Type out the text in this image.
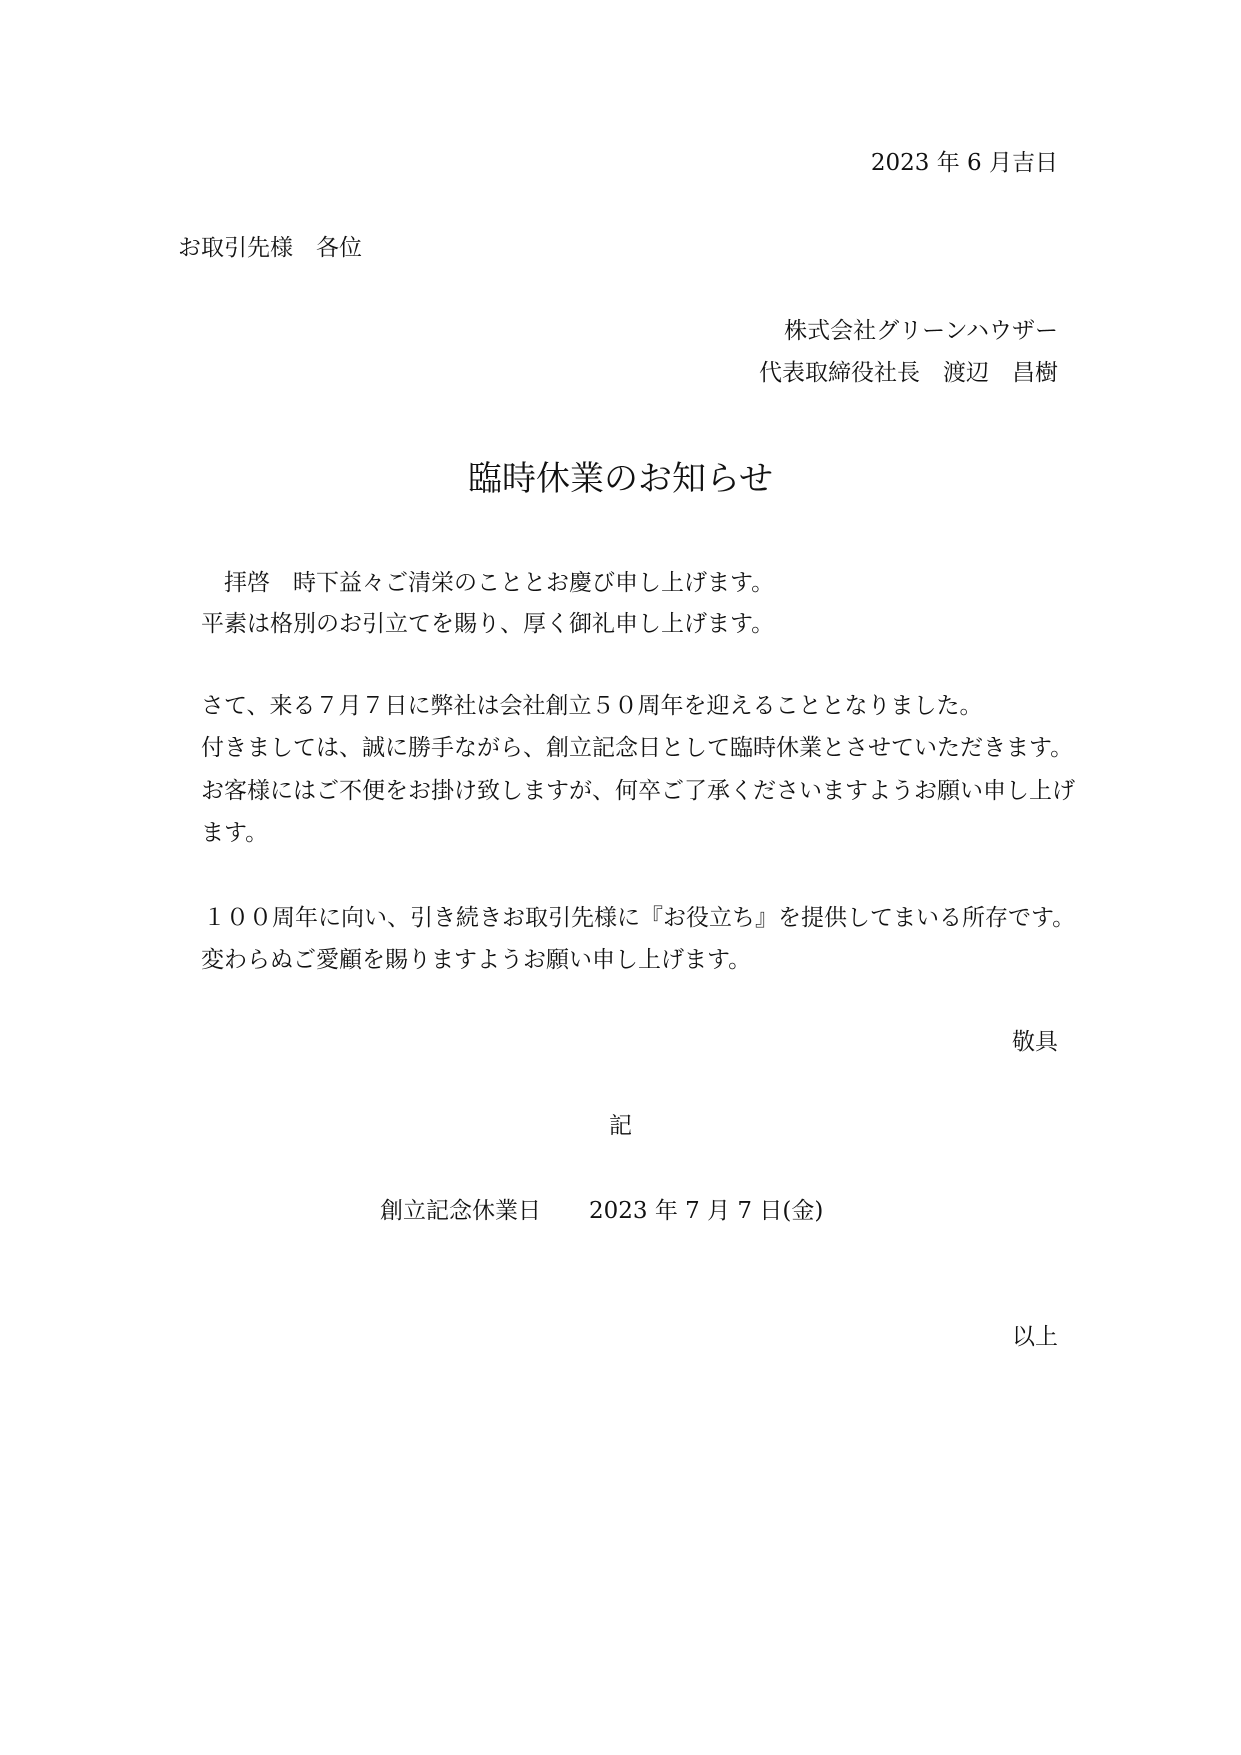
2023 年 6 月吉日
お取引先様　各位
株式会社グリーンハウザー
代表取締役社長　渡辺　昌樹
臨時休業のお知らせ
　拝啓　時下益々ご清栄のこととお慶び申し上げます。
平素は格別のお引立てを賜り、厚く御礼申し上げます。
さて、来る７月７日に弊社は会社創立５０周年を迎えることとなりました。
付きましては、誠に勝手ながら、創立記念日として臨時休業とさせていただきます。
お客様にはご不便をお掛け致しますが、何卒ご了承くださいますようお願い申し上げ
ます。
１００周年に向い、引き続きお取引先様に『お役立ち』を提供してまいる所存です。
変わらぬご愛顧を賜りますようお願い申し上げます。
敬具
記
創立記念休業日 2023 年 7 月 7 日(金)
以上
